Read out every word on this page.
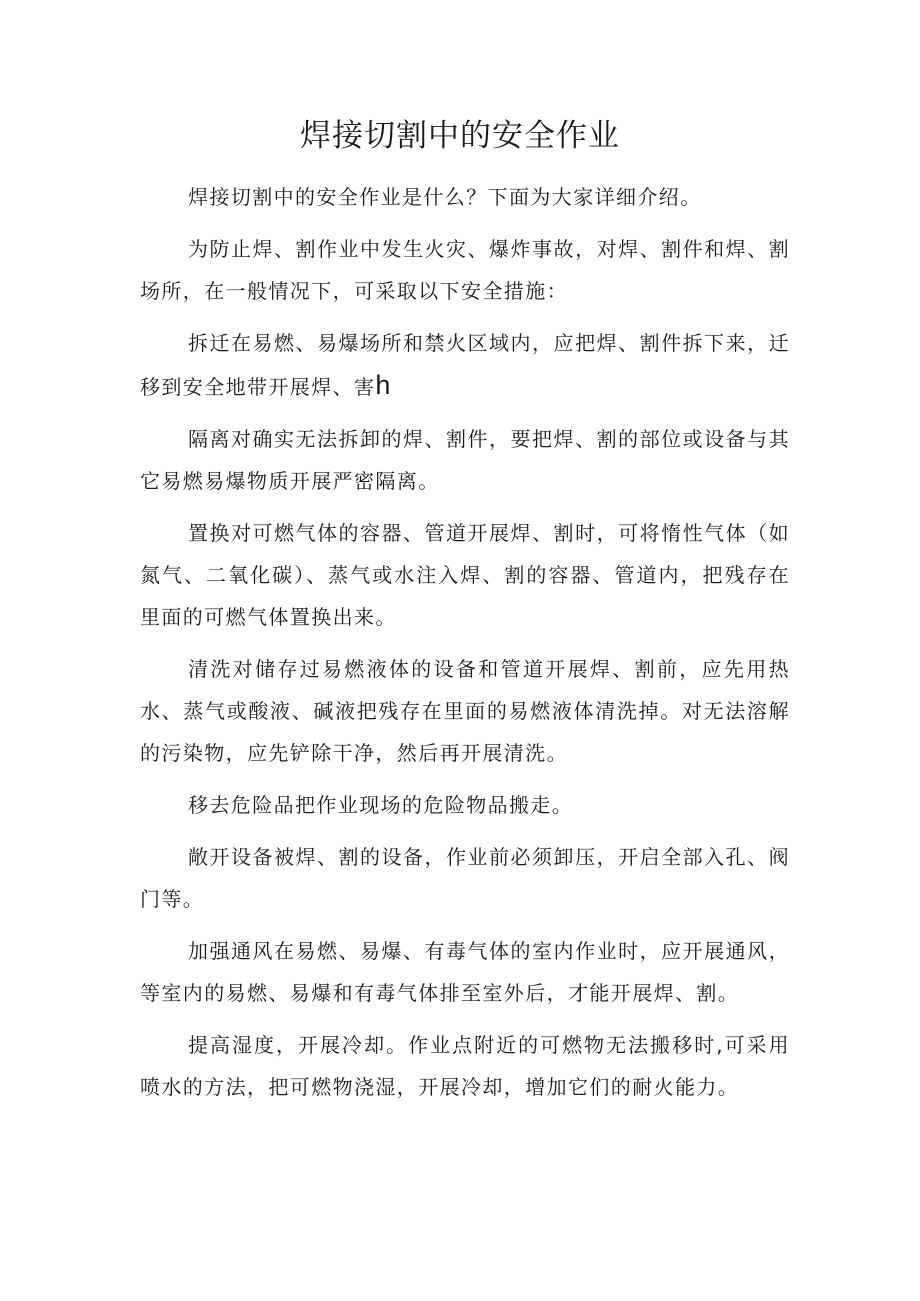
焊接切割中的安全作业

焊接切割中的安全作业是什么？下面为大家详细介绍。

为防止焊、割作业中发生火灾、爆炸事故，对焊、割件和焊、割场所，在一般情况下，可采取以下安全措施：

拆迁在易燃、易爆场所和禁火区域内，应把焊、割件拆下来，迁移到安全地带开展焊、害h

隔离对确实无法拆卸的焊、割件，要把焊、割的部位或设备与其它易燃易爆物质开展严密隔离。

置换对可燃气体的容器、管道开展焊、割时，可将惰性气体（如氮气、二氧化碳）、蒸气或水注入焊、割的容器、管道内，把残存在里面的可燃气体置换出来。

清洗对储存过易燃液体的设备和管道开展焊、割前，应先用热水、蒸气或酸液、碱液把残存在里面的易燃液体清洗掉。对无法溶解的污染物，应先铲除干净，然后再开展清洗。

移去危险品把作业现场的危险物品搬走。

敞开设备被焊、割的设备，作业前必须卸压，开启全部入孔、阀门等。

加强通风在易燃、易爆、有毒气体的室内作业时，应开展通风，等室内的易燃、易爆和有毒气体排至室外后，才能开展焊、割。

提高湿度，开展冷却。作业点附近的可燃物无法搬移时,可采用喷水的方法，把可燃物浇湿，开展冷却，增加它们的耐火能力。
